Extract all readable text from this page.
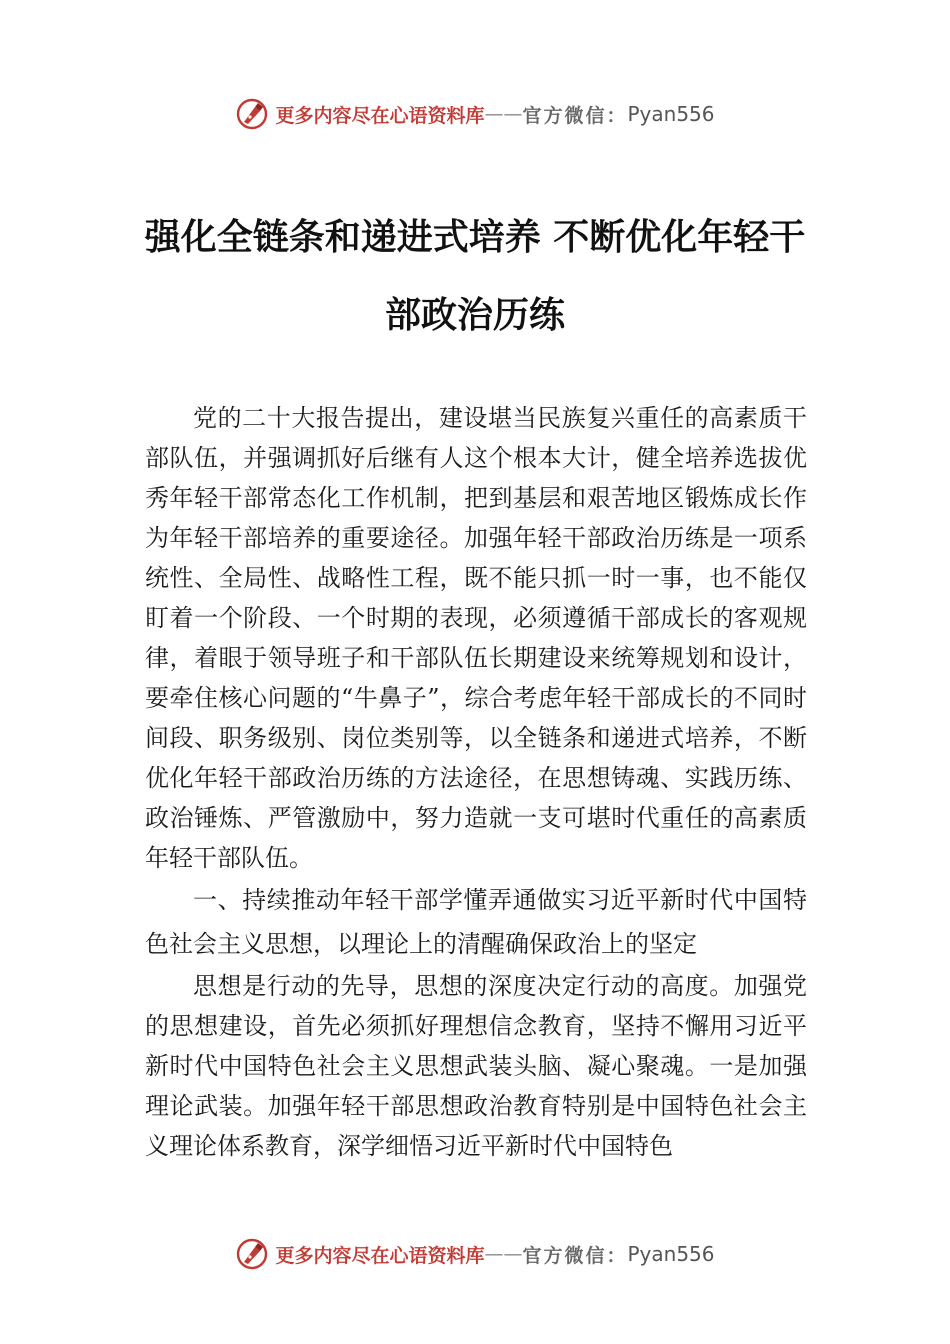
更多内容尽在心语资料库 —— 官方微信： Pyan556
强化全链条和递进式培养 不断优化年轻干
部政治历练

党的二十大报告提出，建设堪当民族复兴重任的高素质干部队伍，并强调抓好后继有人这个根本大计，健全培养选拔优秀年轻干部常态化工作机制，把到基层和艰苦地区锻炼成长作为年轻干部培养的重要途径。加强年轻干部政治历练是一项系统性、全局性、战略性工程，既不能只抓一时一事，也不能仅盯着一个阶段、一个时期的表现，必须遵循干部成长的客观规律，着眼于领导班子和干部队伍长期建设来统筹规划和设计，要牵住核心问题的“牛鼻子”，综合考虑年轻干部成长的不同时间段、职务级别、岗位类别等，以全链条和递进式培养，不断优化年轻干部政治历练的方法途径，在思想铸魂、实践历练、政治锤炼、严管激励中，努力造就一支可堪时代重任的高素质年轻干部队伍。

一、持续推动年轻干部学懂弄通做实习近平新时代中国特色社会主义思想，以理论上的清醒确保政治上的坚定

思想是行动的先导，思想的深度决定行动的高度。加强党的思想建设，首先必须抓好理想信念教育，坚持不懈用习近平新时代中国特色社会主义思想武装头脑、凝心聚魂。一是加强理论武装。加强年轻干部思想政治教育特别是中国特色社会主义理论体系教育，深学细悟习近平新时代中国特色

更多内容尽在心语资料库 —— 官方微信： Pyan556
